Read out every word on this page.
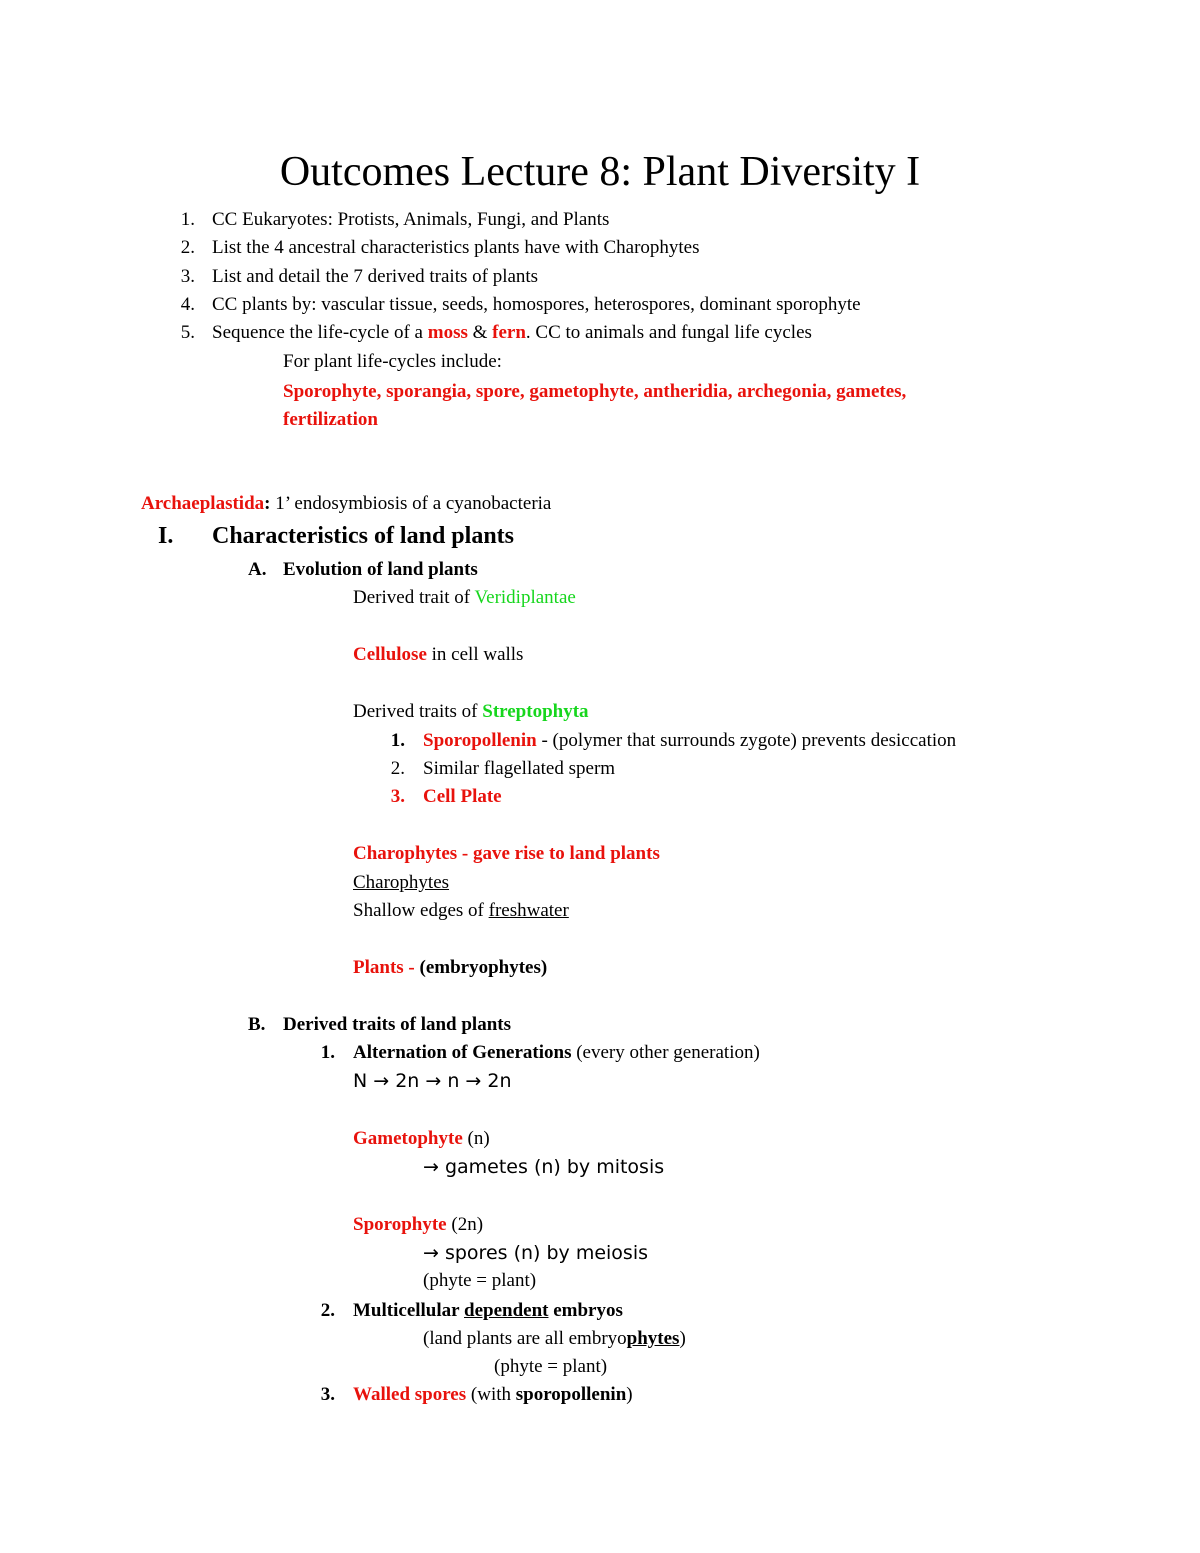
Outcomes Lecture 8: Plant Diversity I
1. CC Eukaryotes: Protists, Animals, Fungi, and Plants
2. List the 4 ancestral characteristics plants have with Charophytes
3. List and detail the 7 derived traits of plants
4. CC plants by: vascular tissue, seeds, homospores, heterospores, dominant sporophyte
5. Sequence the life-cycle of a moss & fern. CC to animals and fungal life cycles
For plant life-cycles include:
Sporophyte, sporangia, spore, gametophyte, antheridia, archegonia, gametes,
fertilization
Archaeplastida: 1’ endosymbiosis of a cyanobacteria
I. Characteristics of land plants
A. Evolution of land plants
Derived trait of Veridiplantae
Cellulose in cell walls
Derived traits of Streptophyta
1. Sporopollenin - (polymer that surrounds zygote) prevents desiccation
2. Similar flagellated sperm
3. Cell Plate
Charophytes - gave rise to land plants
Charophytes
Shallow edges of freshwater
Plants - (embryophytes)
B. Derived traits of land plants
1. Alternation of Generations (every other generation)
N → 2n → n → 2n
Gametophyte (n)
→ gametes (n) by mitosis
Sporophyte (2n)
→ spores (n) by meiosis
(phyte = plant)
2. Multicellular dependent embryos
(land plants are all embryophytes)
(phyte = plant)
3. Walled spores (with sporopollenin)
